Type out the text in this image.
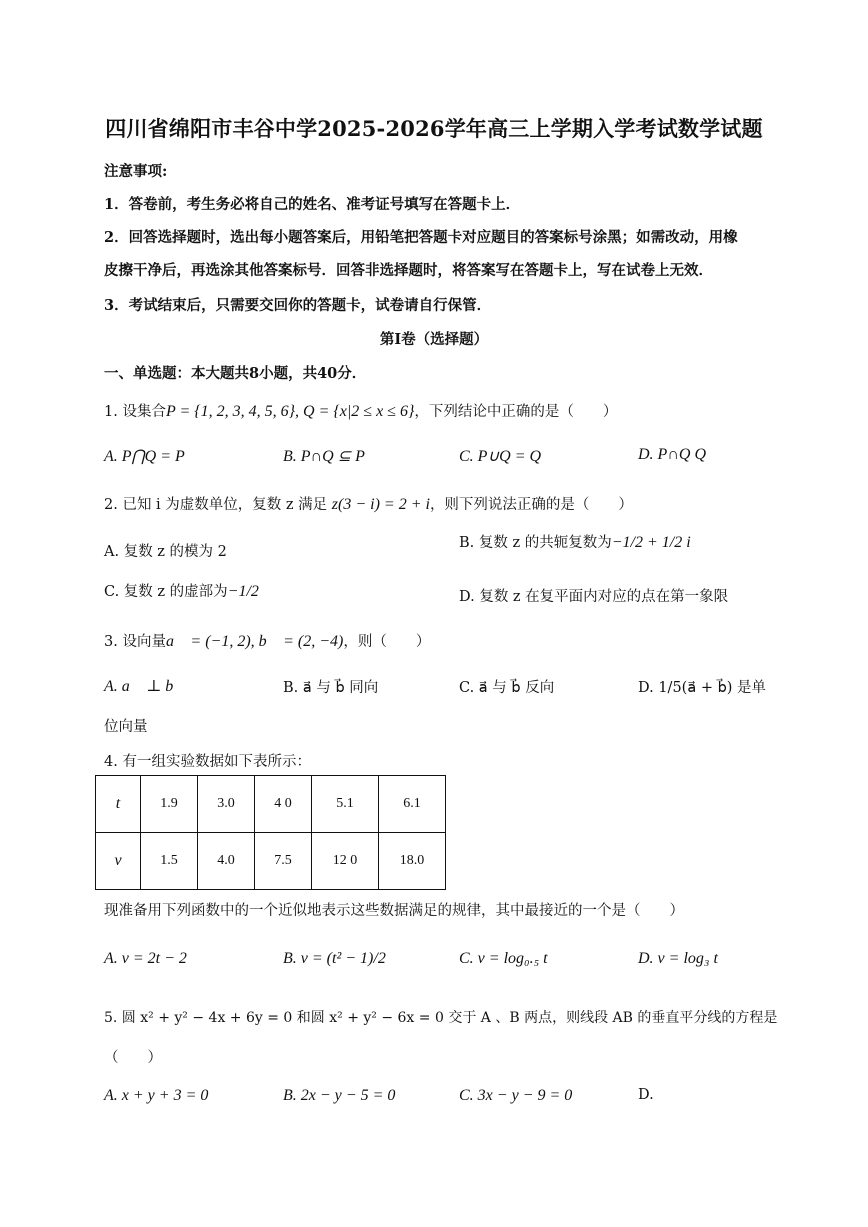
四川省绵阳市丰谷中学2025-2026学年高三上学期入学考试数学试题
注意事项:
1．答卷前，考生务必将自己的姓名、准考证号填写在答题卡上．
2．回答选择题时，选出每小题答案后，用铅笔把答题卡对应题目的答案标号涂黑；如需改动，用橡
皮擦干净后，再选涂其他答案标号．回答非选择题时，将答案写在答题卡上，写在试卷上无效．
3．考试结束后，只需要交回你的答题卡，试卷请自行保管．
第Ⅰ卷（选择题）
一、单选题：本大题共8小题，共40分．
1. 设集合P = {1, 2, 3, 4, 5, 6}, Q = {x|2 ≤ x ≤ 6}，下列结论中正确的是（　　）
A. P⋂Q = P	B. P∩Q ⊆ P	C. P∪Q = Q	D. P∩Q Q
2. 已知 i 为虚数单位，复数 z 满足 z(3 − i) = 2 + i，则下列说法正确的是（　　）
A. 复数 z 的模为 2
B. 复数 z 的共轭复数为−1/2 + 1/2 i
C. 复数 z 的虚部为−1/2	D. 复数 z 在复平面内对应的点在第一象限
3. 设向量a⃗ = (−1, 2), b⃗ = (2, −4)，则（　　）
A. a⃗ ⊥ b⃗	B. a⃗ 与 b⃗ 同向	C. a⃗ 与 b⃗ 反向	D. 1/5(a⃗ + b⃗) 是单
位向量
4. 有一组实验数据如下表所示：
t	1.9	3.0	4 0	5.1	6.1
v	1.5	4.0	7.5	12 0	18.0
现准备用下列函数中的一个近似地表示这些数据满足的规律，其中最接近的一个是（　　）
A. v = 2t − 2	B. v = (t² − 1)/2	C. v = log₀.₅ t	D. v = log₃ t
5. 圆 x² + y² − 4x + 6y = 0 和圆 x² + y² − 6x = 0 交于 A 、B 两点，则线段 AB 的垂直平分线的方程是
（　　）
A. x + y + 3 = 0	B. 2x − y − 5 = 0	C. 3x − y − 9 = 0	D.
